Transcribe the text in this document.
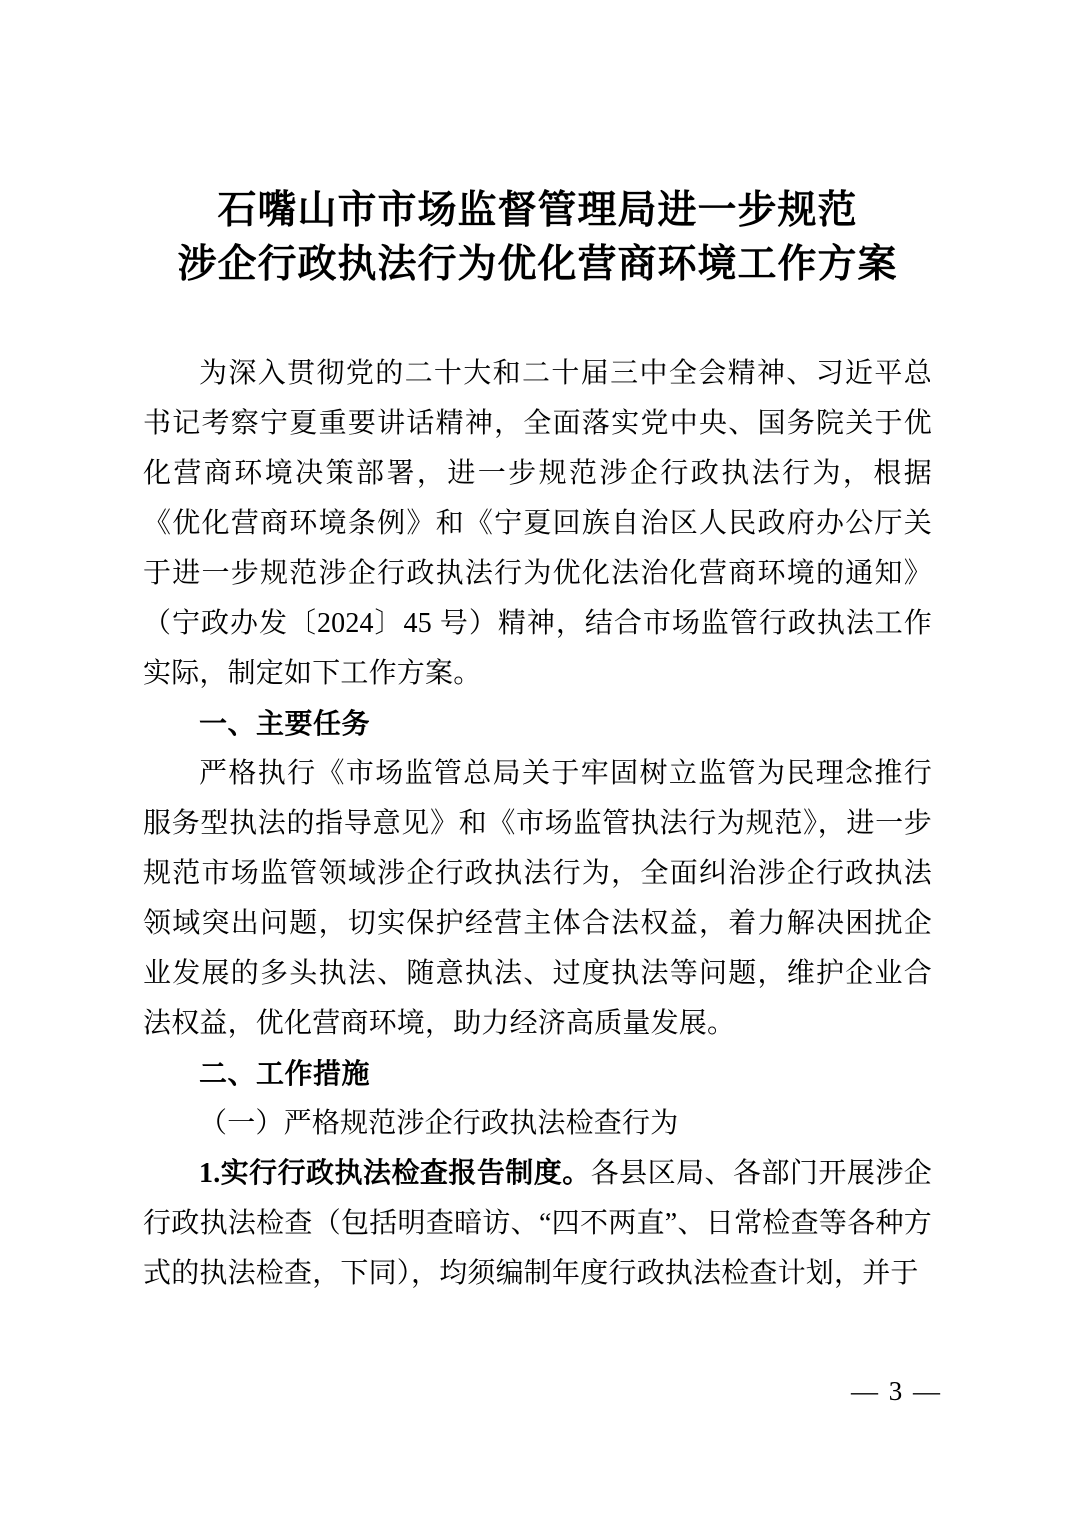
石嘴山市市场监督管理局进一步规范
涉企行政执法行为优化营商环境工作方案

为深入贯彻党的二十大和二十届三中全会精神、习近平总书记考察宁夏重要讲话精神，全面落实党中央、国务院关于优化营商环境决策部署，进一步规范涉企行政执法行为，根据《优化营商环境条例》和《宁夏回族自治区人民政府办公厅关于进一步规范涉企行政执法行为优化法治化营商环境的通知》（宁政办发〔2024〕45 号）精神，结合市场监管行政执法工作实际，制定如下工作方案。

一、主要任务

严格执行《市场监管总局关于牢固树立监管为民理念推行服务型执法的指导意见》和《市场监管执法行为规范》，进一步规范市场监管领域涉企行政执法行为，全面纠治涉企行政执法领域突出问题，切实保护经营主体合法权益，着力解决困扰企业发展的多头执法、随意执法、过度执法等问题，维护企业合法权益，优化营商环境，助力经济高质量发展。

二、工作措施

（一）严格规范涉企行政执法检查行为

1.实行行政执法检查报告制度。各县区局、各部门开展涉企行政执法检查（包括明查暗访、“四不两直”、日常检查等各种方式的执法检查，下同），均须编制年度行政执法检查计划，并于

— 3 —
